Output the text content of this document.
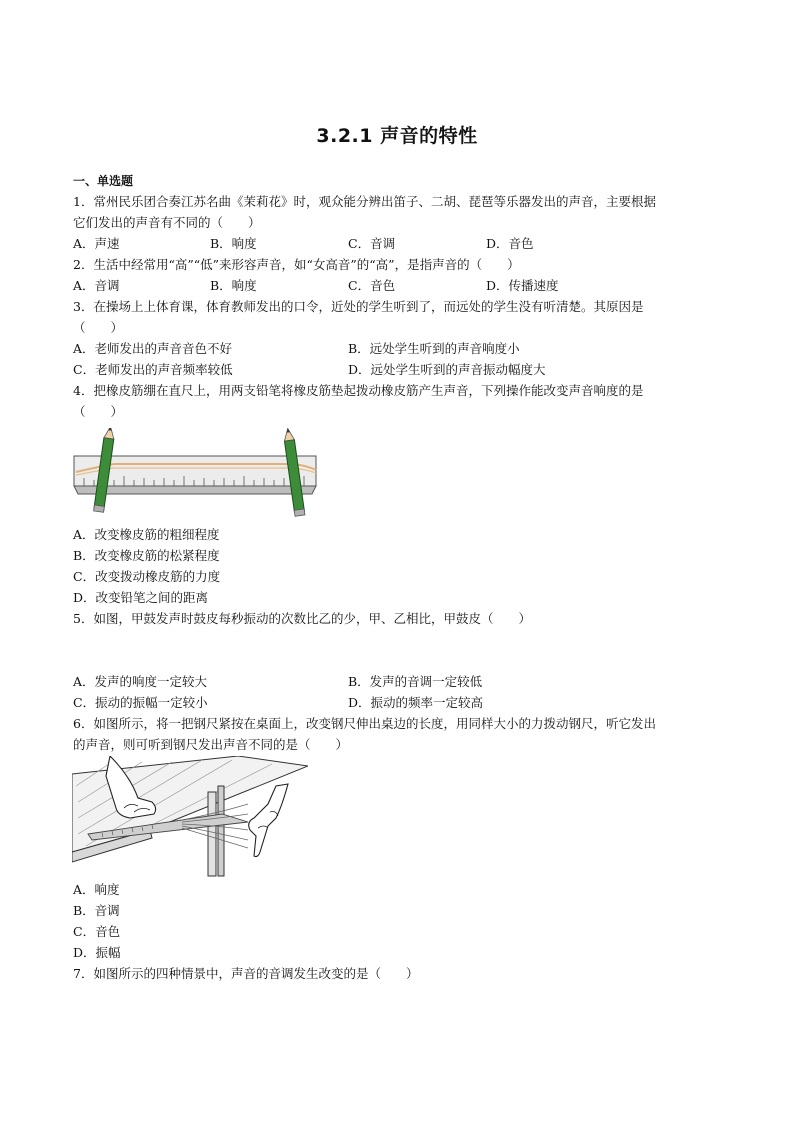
3.2.1 声音的特性
一、单选题
1．常州民乐团合奏江苏名曲《茉莉花》时，观众能分辨出笛子、二胡、琵琶等乐器发出的声音，主要根据
它们发出的声音有不同的（　　）
A．声速	B．响度	C．音调	D．音色
2．生活中经常用“高”“低”来形容声音，如“女高音”的“高”，是指声音的（　　）
A．音调	B．响度	C．音色	D．传播速度
3．在操场上上体育课，体育教师发出的口令，近处的学生听到了，而远处的学生没有听清楚。其原因是
（　　）
A．老师发出的声音音色不好	B．远处学生听到的声音响度小
C．老师发出的声音频率较低	D．远处学生听到的声音振动幅度大
4．把橡皮筋绷在直尺上，用两支铅笔将橡皮筋垫起拨动橡皮筋产生声音，下列操作能改变声音响度的是
（　　）
A．改变橡皮筋的粗细程度
B．改变橡皮筋的松紧程度
C．改变拨动橡皮筋的力度
D．改变铅笔之间的距离
5．如图，甲鼓发声时鼓皮每秒振动的次数比乙的少，甲、乙相比，甲鼓皮（　　）
A．发声的响度一定较大	B．发声的音调一定较低
C．振动的振幅一定较小	D．振动的频率一定较高
6．如图所示，将一把钢尺紧按在桌面上，改变钢尺伸出桌边的长度，用同样大小的力拨动钢尺，听它发出
的声音，则可听到钢尺发出声音不同的是（　　）
A．响度
B．音调
C．音色
D．振幅
7．如图所示的四种情景中，声音的音调发生改变的是（　　）
